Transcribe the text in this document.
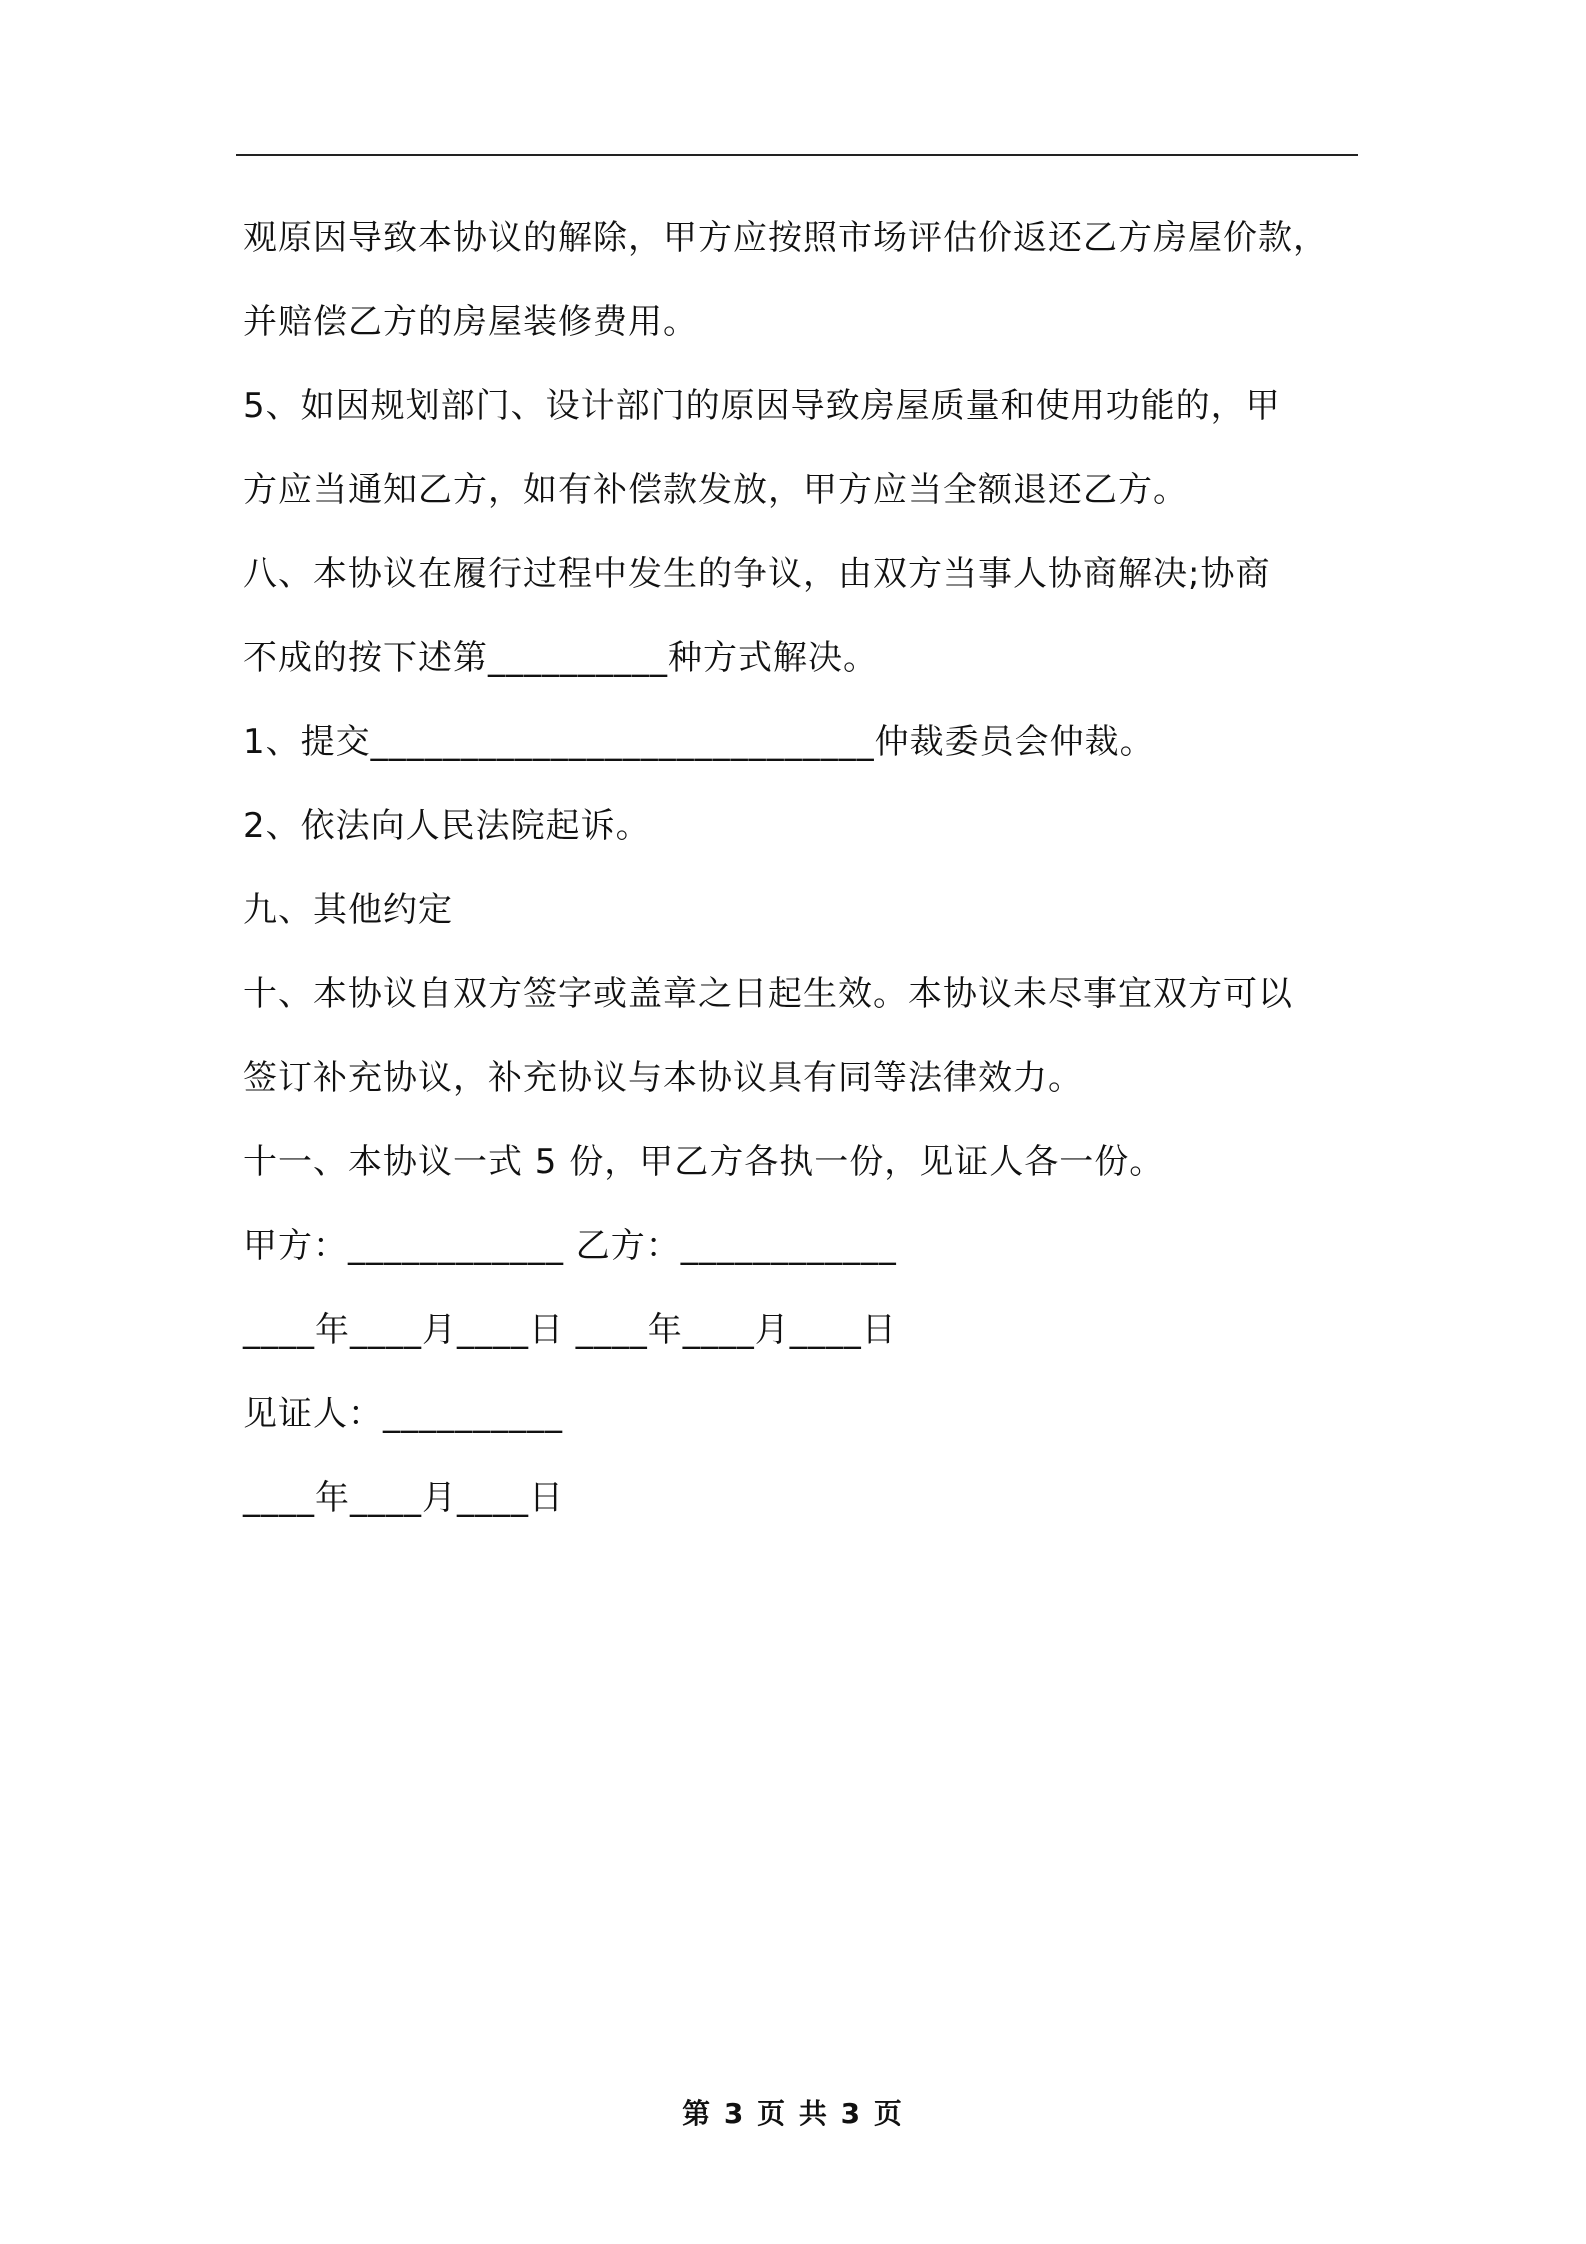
观原因导致本协议的解除，甲方应按照市场评估价返还乙方房屋价款，
并赔偿乙方的房屋装修费用。
5、如因规划部门、设计部门的原因导致房屋质量和使用功能的，甲
方应当通知乙方，如有补偿款发放，甲方应当全额退还乙方。
八、本协议在履行过程中发生的争议，由双方当事人协商解决;协商
不成的按下述第__________种方式解决。
1、提交____________________________仲裁委员会仲裁。
2、依法向人民法院起诉。
九、其他约定
十、本协议自双方签字或盖章之日起生效。本协议未尽事宜双方可以
签订补充协议，补充协议与本协议具有同等法律效力。
十一、本协议一式 5 份，甲乙方各执一份，见证人各一份。
甲方：____________ 乙方：____________
____年____月____日 ____年____月____日
见证人：__________
____年____月____日
第 3 页 共 3 页
